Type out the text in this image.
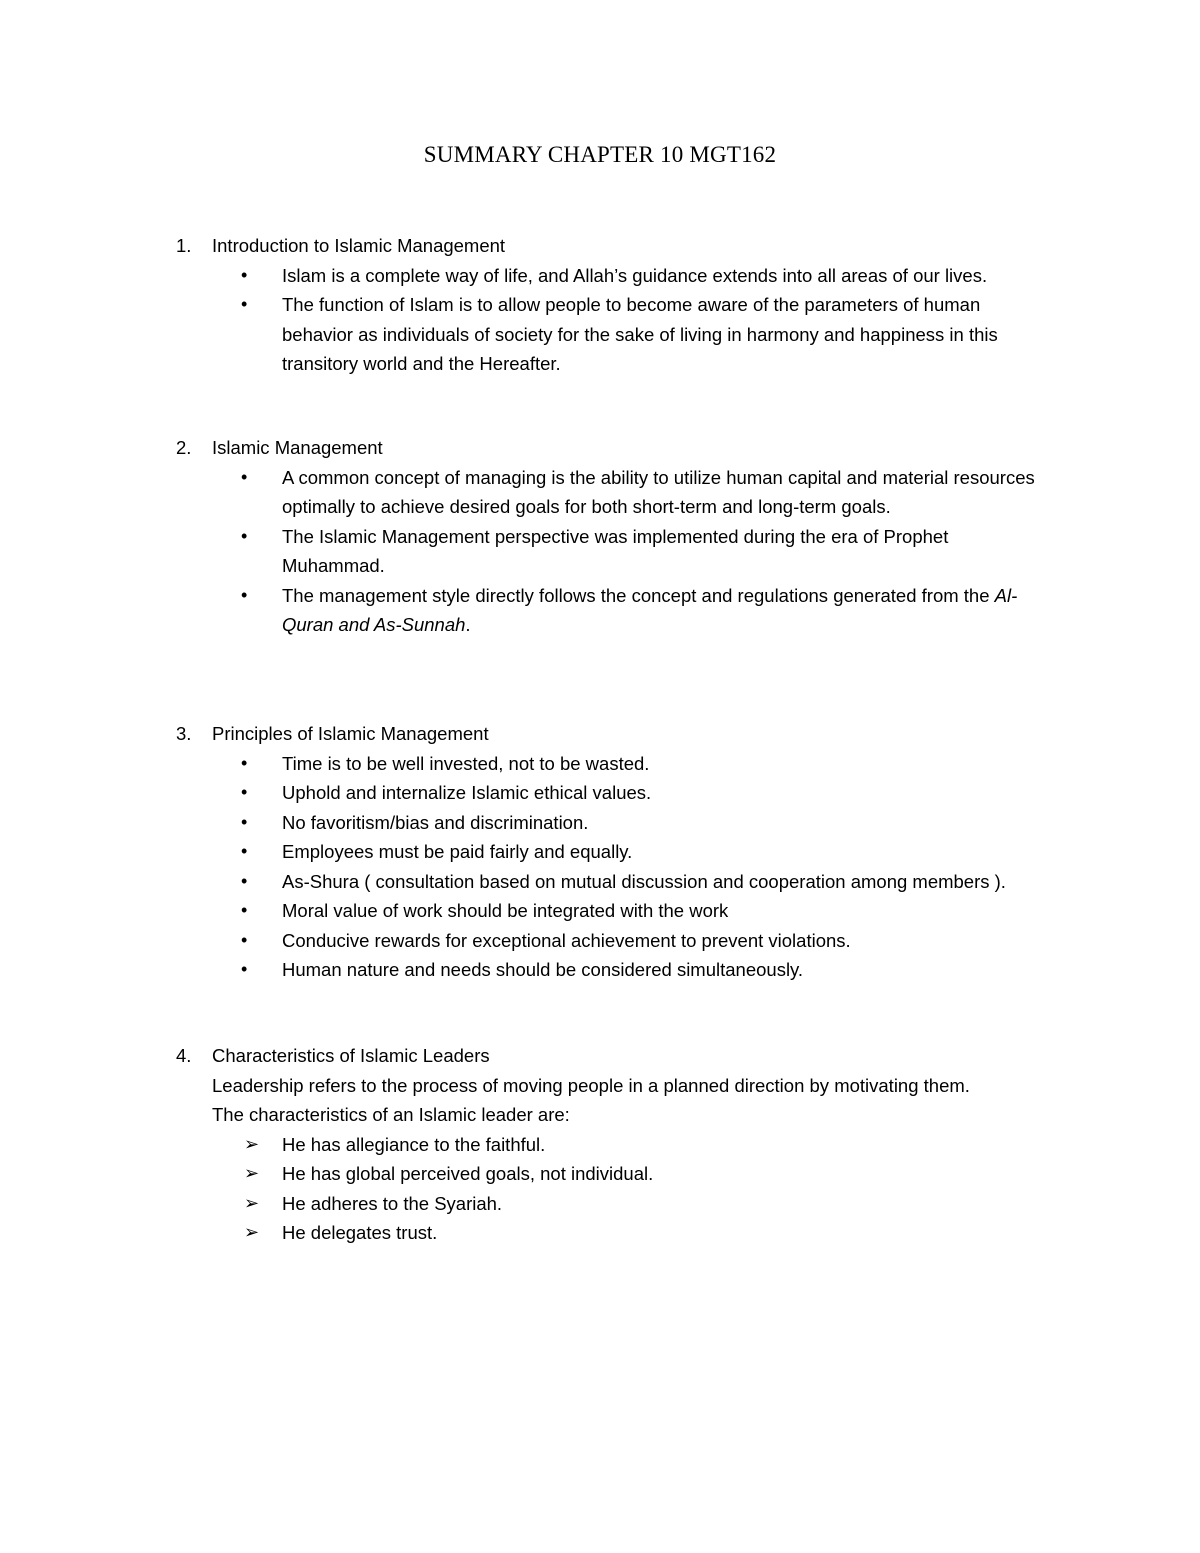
SUMMARY CHAPTER 10 MGT162
1. Introduction to Islamic Management
• Islam is a complete way of life, and Allah’s guidance extends into all areas of our lives.
• The function of Islam is to allow people to become aware of the parameters of human behavior as individuals of society for the sake of living in harmony and happiness in this transitory world and the Hereafter.
2. Islamic Management
• A common concept of managing is the ability to utilize human capital and material resources optimally to achieve desired goals for both short-term and long-term goals.
• The Islamic Management perspective was implemented during the era of Prophet Muhammad.
• The management style directly follows the concept and regulations generated from the Al-Quran and As-Sunnah.
3. Principles of Islamic Management
• Time is to be well invested, not to be wasted.
• Uphold and internalize Islamic ethical values.
• No favoritism/bias and discrimination.
• Employees must be paid fairly and equally.
• As-Shura ( consultation based on mutual discussion and cooperation among members ).
• Moral value of work should be integrated with the work
• Conducive rewards for exceptional achievement to prevent violations.
• Human nature and needs should be considered simultaneously.
4. Characteristics of Islamic Leaders
Leadership refers to the process of moving people in a planned direction by motivating them.
The characteristics of an Islamic leader are:
➢ He has allegiance to the faithful.
➢ He has global perceived goals, not individual.
➢ He adheres to the Syariah.
➢ He delegates trust.
